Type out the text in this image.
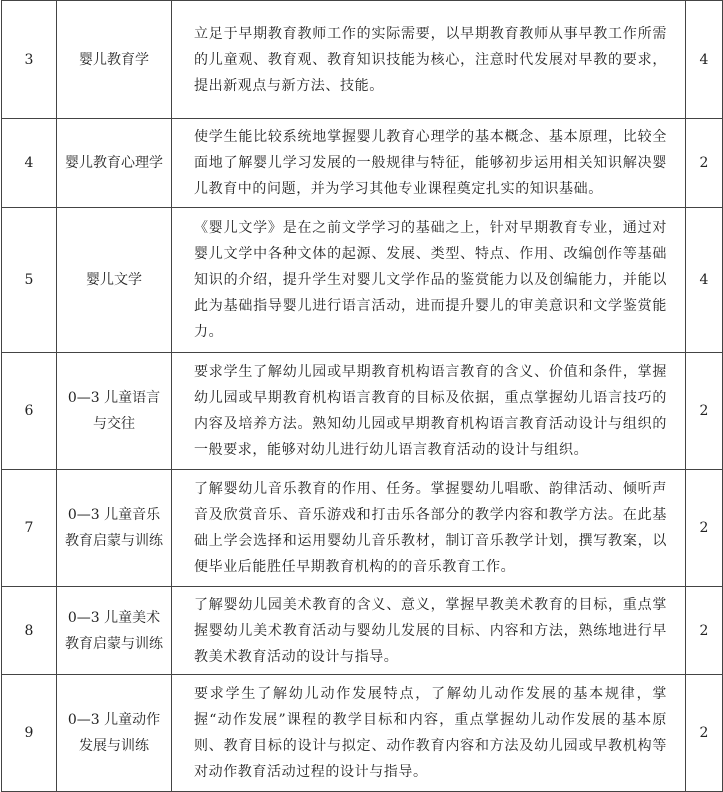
3	婴儿教育学	立足于早期教育教师工作的实际需要，以早期教育教师从事早教工作所需的儿童观、教育观、教育知识技能为核心，注意时代发展对早教的要求，提出新观点与新方法、技能。	4
4	婴儿教育心理学	使学生能比较系统地掌握婴儿教育心理学的基本概念、基本原理，比较全面地了解婴儿学习发展的一般规律与特征，能够初步运用相关知识解决婴儿教育中的问题，并为学习其他专业课程奠定扎实的知识基础。	2
5	婴儿文学	《婴儿文学》是在之前文学学习的基础之上，针对早期教育专业，通过对婴儿文学中各种文体的起源、发展、类型、特点、作用、改编创作等基础知识的介绍，提升学生对婴儿文学作品的鉴赏能力以及创编能力，并能以此为基础指导婴儿进行语言活动，进而提升婴儿的审美意识和文学鉴赏能力。	4
6	0—3 儿童语言与交往	要求学生了解幼儿园或早期教育机构语言教育的含义、价值和条件，掌握幼儿园或早期教育机构语言教育的目标及依据，重点掌握幼儿语言技巧的内容及培养方法。熟知幼儿园或早期教育机构语言教育活动设计与组织的一般要求，能够对幼儿进行幼儿语言教育活动的设计与组织。	2
7	0—3 儿童音乐教育启蒙与训练	了解婴幼儿音乐教育的作用、任务。掌握婴幼儿唱歌、韵律活动、倾听声音及欣赏音乐、音乐游戏和打击乐各部分的教学内容和教学方法。在此基础上学会选择和运用婴幼儿音乐教材，制订音乐教学计划，撰写教案，以便毕业后能胜任早期教育机构的的音乐教育工作。	2
8	0—3 儿童美术教育启蒙与训练	了解婴幼儿园美术教育的含义、意义，掌握早教美术教育的目标，重点掌握婴幼儿美术教育活动与婴幼儿发展的目标、内容和方法，熟练地进行早教美术教育活动的设计与指导。	2
9	0—3 儿童动作发展与训练	要求学生了解幼儿动作发展特点，了解幼儿动作发展的基本规律，掌握“动作发展”课程的教学目标和内容，重点掌握幼儿动作发展的基本原则、教育目标的设计与拟定、动作教育内容和方法及幼儿园或早教机构等对动作教育活动过程的设计与指导。	2
